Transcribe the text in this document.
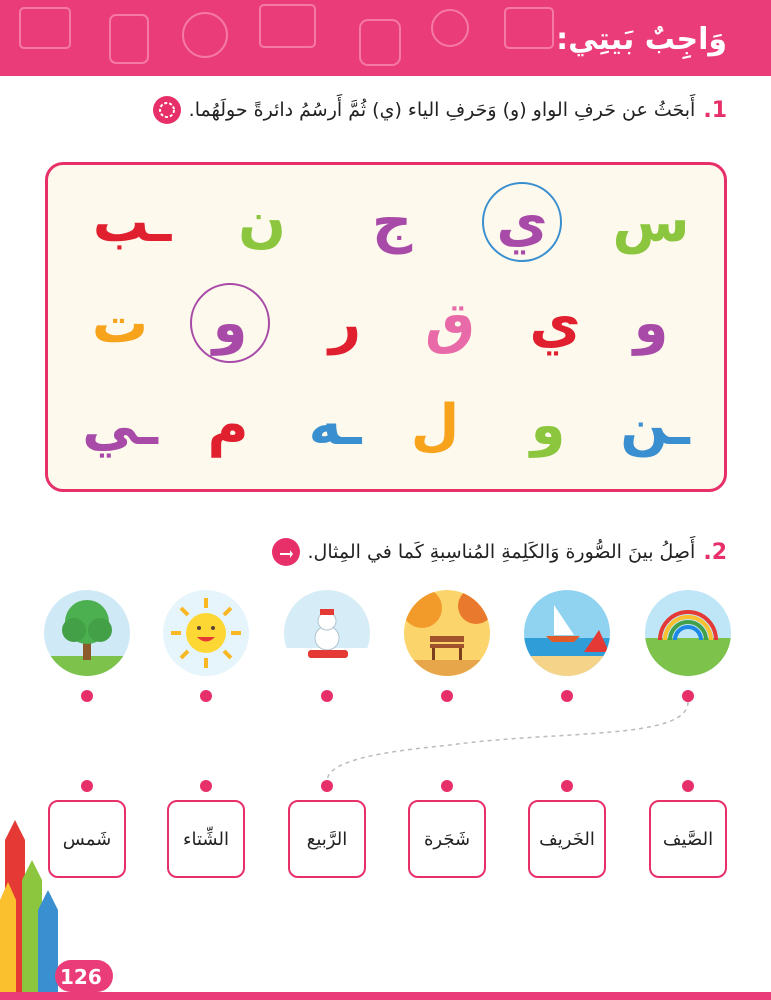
وَاجِبٌ بَيتِي:
1.
أَبحَثُ عن حَرفِ الواو (و) وَحَرفِ الياء (ي) ثُمَّ أَرسُمُ دائرةً حولَهُما.
س
ي
ج
ن
ـب
و
ي
ق
ر
و
ت
ـن
و
ل
ـه
م
ـي
2.
أَصِلُ بينَ الصُّورة وَالكَلِمةِ المُناسِبةِ كَما في المِثال.
الصَّيف
الخَريف
شَجَرة
الرَّبيع
الشِّتاء
شَمس
126
